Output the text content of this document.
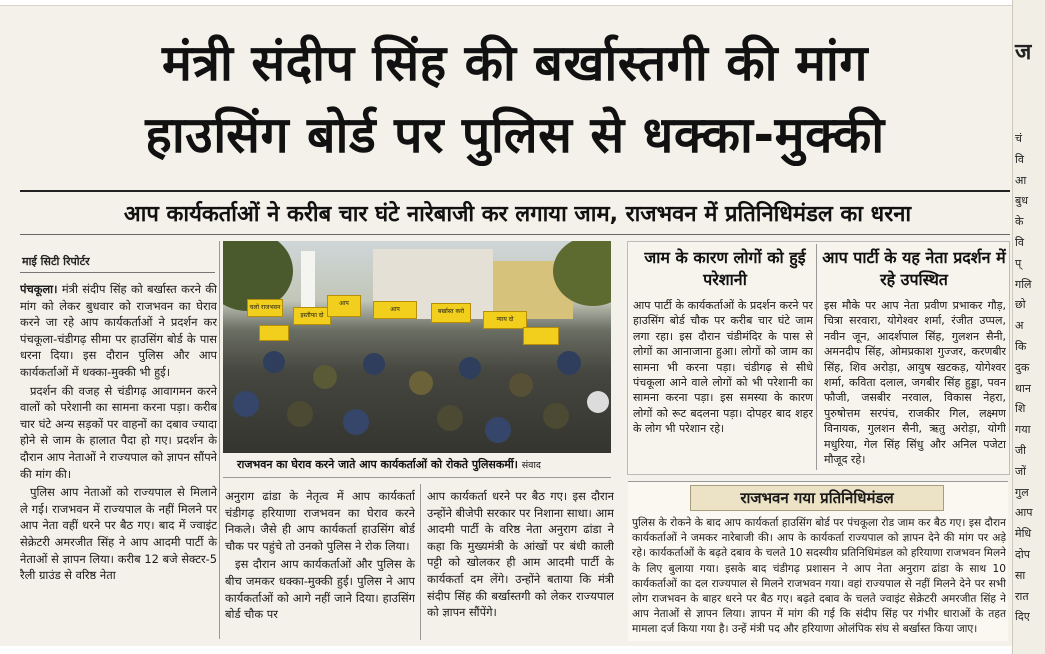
मंत्री संदीप सिंह की बर्खास्तगी की मांग
हाउसिंग बोर्ड पर पुलिस से धक्का-मुक्की
आप कार्यकर्ताओं ने करीब चार घंटे नारेबाजी कर लगाया जाम, राजभवन में प्रतिनिधिमंडल का धरना
माई सिटी रिपोर्टर

पंचकूला। मंत्री संदीप सिंह को बर्खास्त करने की मांग को लेकर बुधवार को राजभवन का घेराव करने जा रहे आप कार्यकर्ताओं ने प्रदर्शन कर पंचकूला-चंडीगढ़ सीमा पर हाउसिंग बोर्ड के पास धरना दिया। इस दौरान पुलिस और आप कार्यकर्ताओं में धक्का-मुक्की भी हुई।

प्रदर्शन की वजह से चंडीगढ़ आवागमन करने वालों को परेशानी का सामना करना पड़ा। करीब चार घंटे अन्य सड़कों पर वाहनों का दबाव ज्यादा होने से जाम के हालात पैदा हो गए। प्रदर्शन के दौरान आप नेताओं ने राज्यपाल को ज्ञापन सौंपने की मांग की।

पुलिस आप नेताओं को राज्यपाल से मिलाने ले गई। राजभवन में राज्यपाल के नहीं मिलने पर आप नेता वहीं धरने पर बैठ गए। बाद में ज्वाइंट सेक्रेटरी अमरजीत सिंह ने आप आदमी पार्टी के नेताओं से ज्ञापन लिया। करीब 12 बजे सेक्टर-5 रैली ग्राउंड से वरिष्ठ नेता

चलो राजभवन
इस्तीफा दो
आप
आप	बर्खास्त करो
न्याय दो
राजभवन का घेराव करने जाते आप कार्यकर्ताओं को रोकते पुलिसकर्मी। संवाद

अनुराग ढांडा के नेतृत्व में आप कार्यकर्ता चंडीगढ़ हरियाणा राजभवन का घेराव करने निकले। जैसे ही आप कार्यकर्ता हाउसिंग बोर्ड चौक पर पहुंचे तो उनको पुलिस ने रोक लिया।

इस दौरान आप कार्यकर्ताओं और पुलिस के बीच जमकर धक्का-मुक्की हुई। पुलिस ने आप कार्यकर्ताओं को आगे नहीं जाने दिया। हाउसिंग बोर्ड चौक पर

आप कार्यकर्ता धरने पर बैठ गए। इस दौरान उन्होंने बीजेपी सरकार पर निशाना साधा। आम आदमी पार्टी के वरिष्ठ नेता अनुराग ढांडा ने कहा कि मुख्यमंत्री के आंखों पर बंधी काली पट्टी को खोलकर ही आम आदमी पार्टी के कार्यकर्ता दम लेंगे। उन्होंने बताया कि मंत्री संदीप सिंह की बर्खास्तगी को लेकर राज्यपाल को ज्ञापन सौंपेंगे।

जाम के कारण लोगों को हुई परेशानी
आप पार्टी के कार्यकर्ताओं के प्रदर्शन करने पर हाउसिंग बोर्ड चौक पर करीब चार घंटे जाम लगा रहा। इस दौरान चंडीमंदिर के पास से लोगों का आनाजाना हुआ। लोगों को जाम का सामना भी करना पड़ा। चंडीगढ़ से सीधे पंचकूला आने वाले लोगों को भी परेशानी का सामना करना पड़ा। इस समस्या के कारण लोगों को रूट बदलना पड़ा। दोपहर बाद शहर के लोग भी परेशान रहे।
आप पार्टी के यह नेता प्रदर्शन में रहे उपस्थित
इस मौके पर आप नेता प्रवीण प्रभाकर गौड़, चित्रा सरवारा, योगेश्वर शर्मा, रंजीत उप्पल, नवीन जून, आदर्शपाल सिंह, गुलशन सैनी, अमनदीप सिंह, ओमप्रकाश गुज्जर, करणबीर सिंह, शिव अरोड़ा, आयुष खटकड़, योगेश्वर शर्मा, कविता दलाल, जगबीर सिंह हुड्डा, पवन फौजी, जसबीर नरवाल, विकास नेहरा, पुरुषोत्तम सरपंच, राजकीर गिल, लक्ष्मण विनायक, गुलशन सैनी, ऋतु अरोड़ा, योगी मधुरिया, गेल सिंह सिंधु और अनिल पजेटा मौजूद रहे।
राजभवन गया प्रतिनिधिमंडल
पुलिस के रोकने के बाद आप कार्यकर्ता हाउसिंग बोर्ड पर पंचकूला रोड जाम कर बैठ गए। इस दौरान कार्यकर्ताओं ने जमकर नारेबाजी की। आप के कार्यकर्ता राज्यपाल को ज्ञापन देने की मांग पर अड़े रहे। कार्यकर्ताओं के बढ़ते दबाव के चलते 10 सदस्यीय प्रतिनिधिमंडल को हरियाणा राजभवन मिलने के लिए बुलाया गया। इसके बाद चंडीगढ़ प्रशासन ने आप नेता अनुराग ढांडा के साथ 10 कार्यकर्ताओं का दल राज्यपाल से मिलने राजभवन गया। वहां राज्यपाल से नहीं मिलने देने पर सभी लोग राजभवन के बाहर धरने पर बैठ गए। बढ़ते दबाव के चलते ज्वाइंट सेक्रेटरी अमरजीत सिंह ने आप नेताओं से ज्ञापन लिया। ज्ञापन में मांग की गई कि संदीप सिंह पर गंभीर धाराओं के तहत मामला दर्ज किया गया है। उन्हें मंत्री पद और हरियाणा ओलंपिक संघ से बर्खास्त किया जाए।
ज
चं
वि
आ
बुध
के
वि
प्
गलि
छो
अ
कि
दुक
थान
शि
गया
जी
जों
गुल
आप
मेधि
दोप
सा
रात
दिए
